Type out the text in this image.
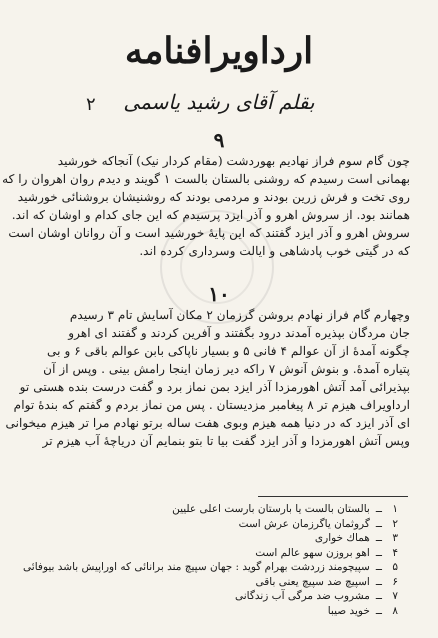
ارداویرافنامه
بقلم آقای رشید یاسمی
۲
۹
چون گام سوم فراز نهادیم بهوردشت (مقام کردار نیک) آنجاکه خورشید
بهمانی است رسیدم که روشنی بالستان بالست ۱ گویند و دیدم روان اهروان را که
روی تخت و فرش زرین بودند و مردمی بودند که روشنیشان بروشنائی خورشید
همانند بود. از سروش اهرو و آذر ایزد پرسیدم که این جای کدام و اوشان که اند.
سروش اهرو و آذر ایزد گفتند که این پایهٔ خورشید است و آن روانان اوشان است
که در گیتی خوب پادشاهی و ایالت وسرداری کرده اند.
۱۰
وچهارم گام فراز نهادم بروشن گرزمان ۲ مکان آسایش تام ۳ رسیدم
جان مردگان بپذیره آمدند درود بگفتند و آفرین کردند و گفتند ای اهرو
چگونه آمدهٔ از آن عوالم ۴ فانی ۵ و بسیار ناپاکی بابن عوالم باقی ۶ و بی
پتیاره آمدهٔ. و بنوش آنوش ۷ راکه دیر زمان اینجا رامش بینی . وپس از آن
بپذیرائی آمد آتش اهورمزدا آذر ایزد بمن نماز برد و گفت درست بنده هستی تو
ارداویراف هیزم تر ۸ پیغامبر مزدیستان . پس من نماز بردم و گفتم که بندهٔ توام
ای آذر ایزد که در دنیا همه هیزم وبوی هفت ساله برتو نهادم مرا تر هیزم میخوانی
وپس آتش اهورمزدا و آذر ایزد گفت بیا تا بتو بنمایم آن دریاچهٔ آب هیزم تر
۱
ــ
بالستان بالست یا بارستان بارست اعلی علیین
۲
ــ
گروثمان یاگرزمان عرش است
۳
ــ
هماك خواری
۴
ــ
اهو بروزن سهو عالم است
۵
ــ
سپیچومند زردشت بهرام گوید : جهان سپیچ مند برانائی که اوراپیش باشد بیوفائی
۶
ــ
اسپیچ ضد سپیچ یعنی باقی
۷
ــ
مشروب ضد مرگی آب زندگانی
۸
ــ
خوید صیبا
